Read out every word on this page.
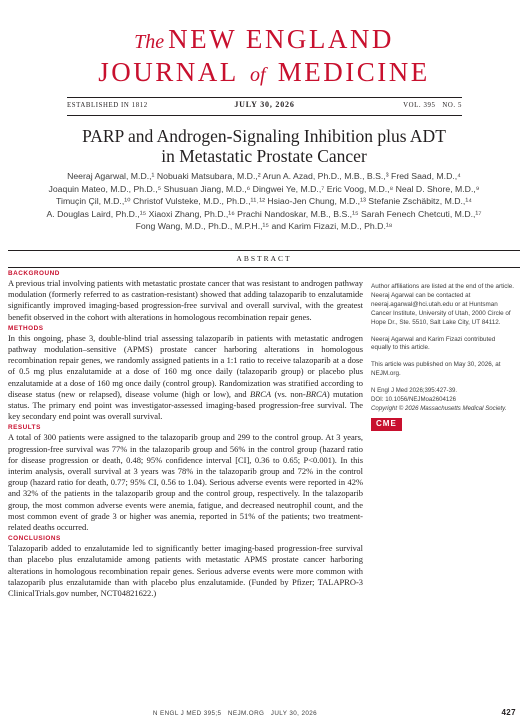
The NEW ENGLAND
JOURNAL of MEDICINE
ESTABLISHED IN 1812	JULY 30, 2026	VOL. 395   NO. 5
PARP and Androgen-Signaling Inhibition plus ADT
in Metastatic Prostate Cancer
Neeraj Agarwal, M.D.,¹ Nobuaki Matsubara, M.D.,² Arun A. Azad, Ph.D., M.B., B.S.,³ Fred Saad, M.D.,⁴
Joaquin Mateo, M.D., Ph.D.,⁵ Shusuan Jiang, M.D.,⁶ Dingwei Ye, M.D.,⁷ Eric Voog, M.D.,⁸ Neal D. Shore, M.D.,⁹
Timuçin Çil, M.D.,¹⁰ Christof Vulsteke, M.D., Ph.D.,¹¹˒¹² Hsiao-Jen Chung, M.D.,¹³ Stefanie Zschäbitz, M.D.,¹⁴
A. Douglas Laird, Ph.D.,¹⁵ Xiaoxi Zhang, Ph.D.,¹⁶ Prachi Nandoskar, M.B., B.S.,¹⁵ Sarah Fenech Chetcuti, M.D.,¹⁷
Fong Wang, M.D., Ph.D., M.P.H.,¹⁵ and Karim Fizazi, M.D., Ph.D.¹⁸
ABSTRACT
BACKGROUND

A previous trial involving patients with metastatic prostate cancer that was resistant to androgen pathway modulation (formerly referred to as castration-resistant) showed that adding talazoparib to enzalutamide significantly improved imaging-based progression-free survival and overall survival, with the greatest benefit observed in the cohort with alterations in homologous recombination repair genes.

METHODS

In this ongoing, phase 3, double-blind trial assessing talazoparib in patients with metastatic androgen pathway modulation–sensitive (APMS) prostate cancer harboring alterations in homologous recombination repair genes, we randomly assigned patients in a 1:1 ratio to receive talazoparib at a dose of 0.5 mg plus enzalutamide at a dose of 160 mg once daily (talazoparib group) or placebo plus enzalutamide at a dose of 160 mg once daily (control group). Randomization was stratified according to disease status (new or relapsed), disease volume (high or low), and BRCA (vs. non-BRCA) mutation status. The primary end point was investigator-assessed imaging-based progression-free survival. The key secondary end point was overall survival.

RESULTS

A total of 300 patients were assigned to the talazoparib group and 299 to the control group. At 3 years, progression-free survival was 77% in the talazoparib group and 56% in the control group (hazard ratio for disease progression or death, 0.48; 95% confidence interval [CI], 0.36 to 0.65; P<0.001). In this interim analysis, overall survival at 3 years was 78% in the talazoparib group and 72% in the control group (hazard ratio for death, 0.77; 95% CI, 0.56 to 1.04). Serious adverse events were reported in 42% and 32% of the patients in the talazoparib group and the control group, respectively. In the talazoparib group, the most common adverse events were anemia, fatigue, and decreased neutrophil count, and the most common event of grade 3 or higher was anemia, reported in 51% of the patients; two treatment-related deaths occurred.

CONCLUSIONS

Talazoparib added to enzalutamide led to significantly better imaging-based progression-free survival than placebo plus enzalutamide among patients with metastatic APMS prostate cancer harboring alterations in homologous recombination repair genes. Serious adverse events were more common with talazoparib plus enzalutamide than with placebo plus enzalutamide. (Funded by Pfizer; TALAPRO-3 ClinicalTrials.gov number, NCT04821622.)

Author affiliations are listed at the end of the article. Neeraj Agarwal can be contacted at neeraj.agarwal@hci.utah.edu or at Huntsman Cancer Institute, University of Utah, 2000 Circle of Hope Dr., Ste. 5510, Salt Lake City, UT 84112.

Neeraj Agarwal and Karim Fizazi contributed equally to this article.

This article was published on May 30, 2026, at NEJM.org.

N Engl J Med 2026;395:427-39.
DOI: 10.1056/NEJMoa2604126
Copyright © 2026 Massachusetts Medical Society.
CME
N ENGL J MED 395;5   NEJM.ORG   JULY 30, 2026	427
